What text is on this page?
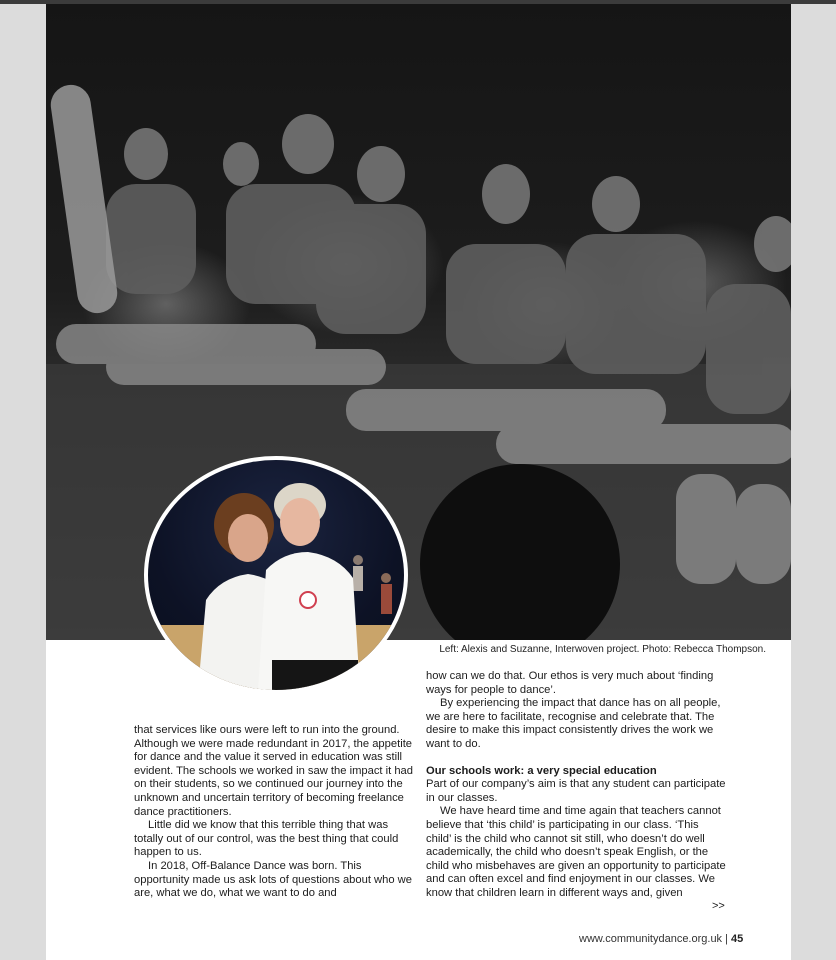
Left: Alexis and Suzanne, Interwoven project. Photo: Rebecca Thompson.

that services like ours were left to run into the ground. Although we were made redundant in 2017, the appetite for dance and the value it served in education was still evident. The schools we worked in saw the impact it had on their students, so we continued our journey into the unknown and uncertain territory of becoming freelance dance practitioners.

Little did we know that this terrible thing that was totally out of our control, was the best thing that could happen to us.

In 2018, Off-Balance Dance was born. This opportunity made us ask lots of questions about who we are, what we do, what we want to do and

how can we do that. Our ethos is very much about ‘finding ways for people to dance’.

By experiencing the impact that dance has on all people, we are here to facilitate, recognise and celebrate that. The desire to make this impact consistently drives the work we want to do.

Our schools work: a very special education

Part of our company’s aim is that any student can participate in our classes.

We have heard time and time again that teachers cannot believe that ‘this child’ is participating in our class. ‘This child’ is the child who cannot sit still, who doesn’t do well academically, the child who doesn’t speak English, or the child who misbehaves are given an opportunity to participate and can often excel and find enjoyment in our classes. We know that children learn in different ways and, given

>>
www.communitydance.org.uk | 45
